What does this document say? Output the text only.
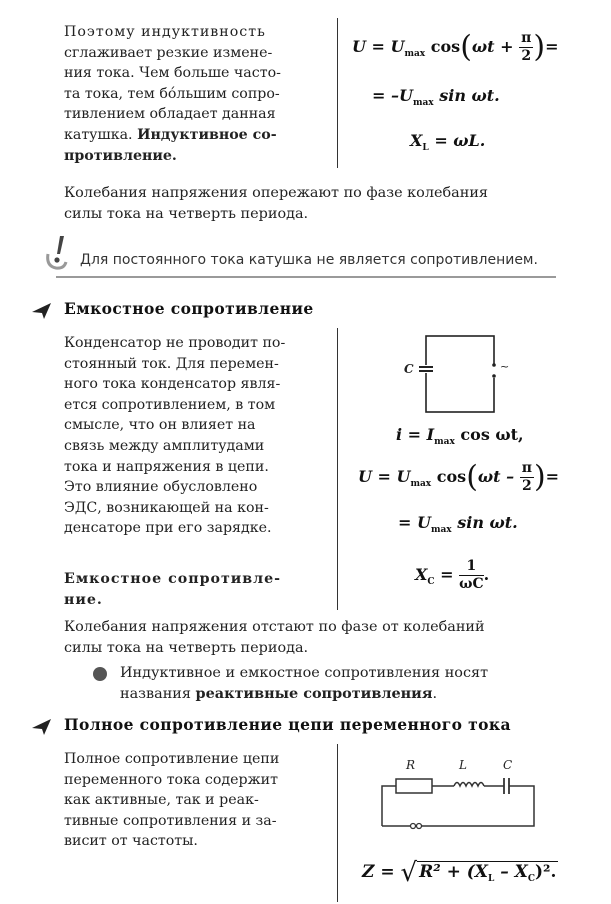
Поэтому индуктивность

сглаживает резкие измене-

ния тока. Чем больше часто-

та тока, тем бóльшим сопро-

тивлением обладает данная

катушка. Индуктивное со-

противление.

$U = U_{max}$ $\cos(\omega t + \frac{\pi}{2}$ )=
= $-U_{max}$ sin ωt.
$X_L = \omega L$.

Колебания напряжения опережают по фазе колебания

силы тока на четверть периода.

Для постоянного тока катушка не является сопротивлением.
Емкостное сопротивление

Конденсатор не проводит по-

стоянный ток. Для перемен-

ного тока конденсатор явля-

ется сопротивлением, в том

смысле, что он влияет на

связь между амплитудами

тока и напряжения в цепи.

Это влияние обусловлено

ЭДС, возникающей на кон-

денсаторе при его зарядке.

Емкостное сопротивле-

ние.

C	~
$i = I_{max}$ cos ωt,
$U = U_{max}$ $\cos(\omega t - \frac{\pi}{2}$ )=
= $U_{max}$ sin ωt.
$X_C = \frac{1}{\omega C}$ .

Колебания напряжения отстают по фазе от колебаний

силы тока на четверть периода.

Индуктивное и емкостное сопротивления носят

названия реактивные сопротивления.

Полное сопротивление цепи переменного тока

Полное сопротивление цепи

переменного тока содержит

как активные, так и реак-

тивные сопротивления и за-

висит от частоты.

R	L	C
Z = √ $R^2 + (X_L - X_C)^2$.
